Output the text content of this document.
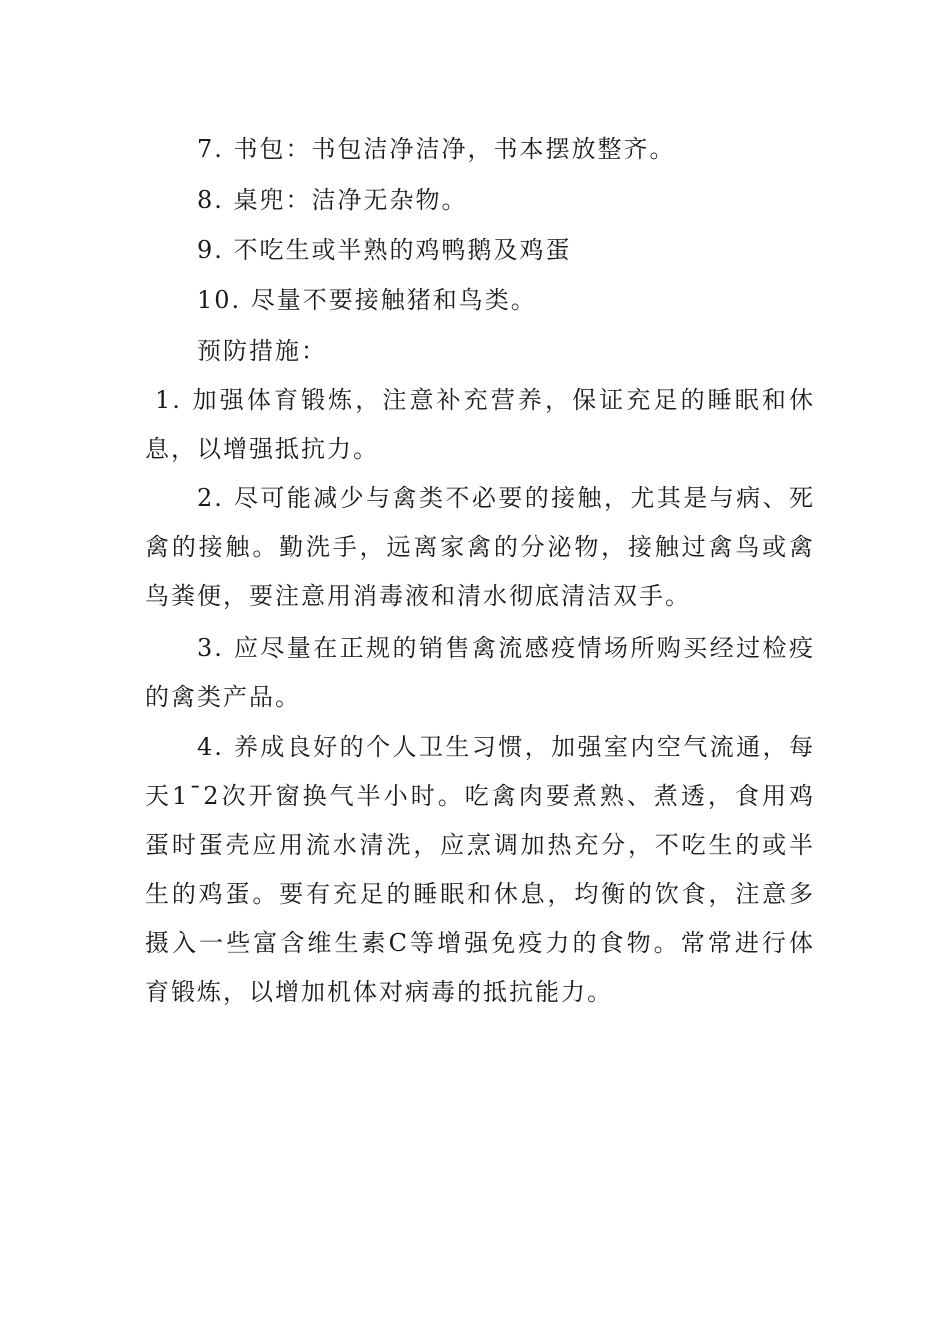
7. 书包：书包洁净洁净，书本摆放整齐。
8. 桌兜：洁净无杂物。
9. 不吃生或半熟的鸡鸭鹅及鸡蛋
10. 尽量不要接触猪和鸟类。
预防措施：
1. 加强体育锻炼，注意补充营养，保证充足的睡眠和休息，以增强抵抗力。
2. 尽可能减少与禽类不必要的接触，尤其是与病、死禽的接触。勤洗手，远离家禽的分泌物，接触过禽鸟或禽鸟粪便，要注意用消毒液和清水彻底清洁双手。
3. 应尽量在正规的销售禽流感疫情场所购买经过检疫的禽类产品。
4. 养成良好的个人卫生习惯，加强室内空气流通，每天1¯2次开窗换气半小时。吃禽肉要煮熟、煮透，食用鸡蛋时蛋壳应用流水清洗，应烹调加热充分，不吃生的或半生的鸡蛋。要有充足的睡眠和休息，均衡的饮食，注意多摄入一些富含维生素C等增强免疫力的食物。常常进行体育锻炼，以增加机体对病毒的抵抗能力。
